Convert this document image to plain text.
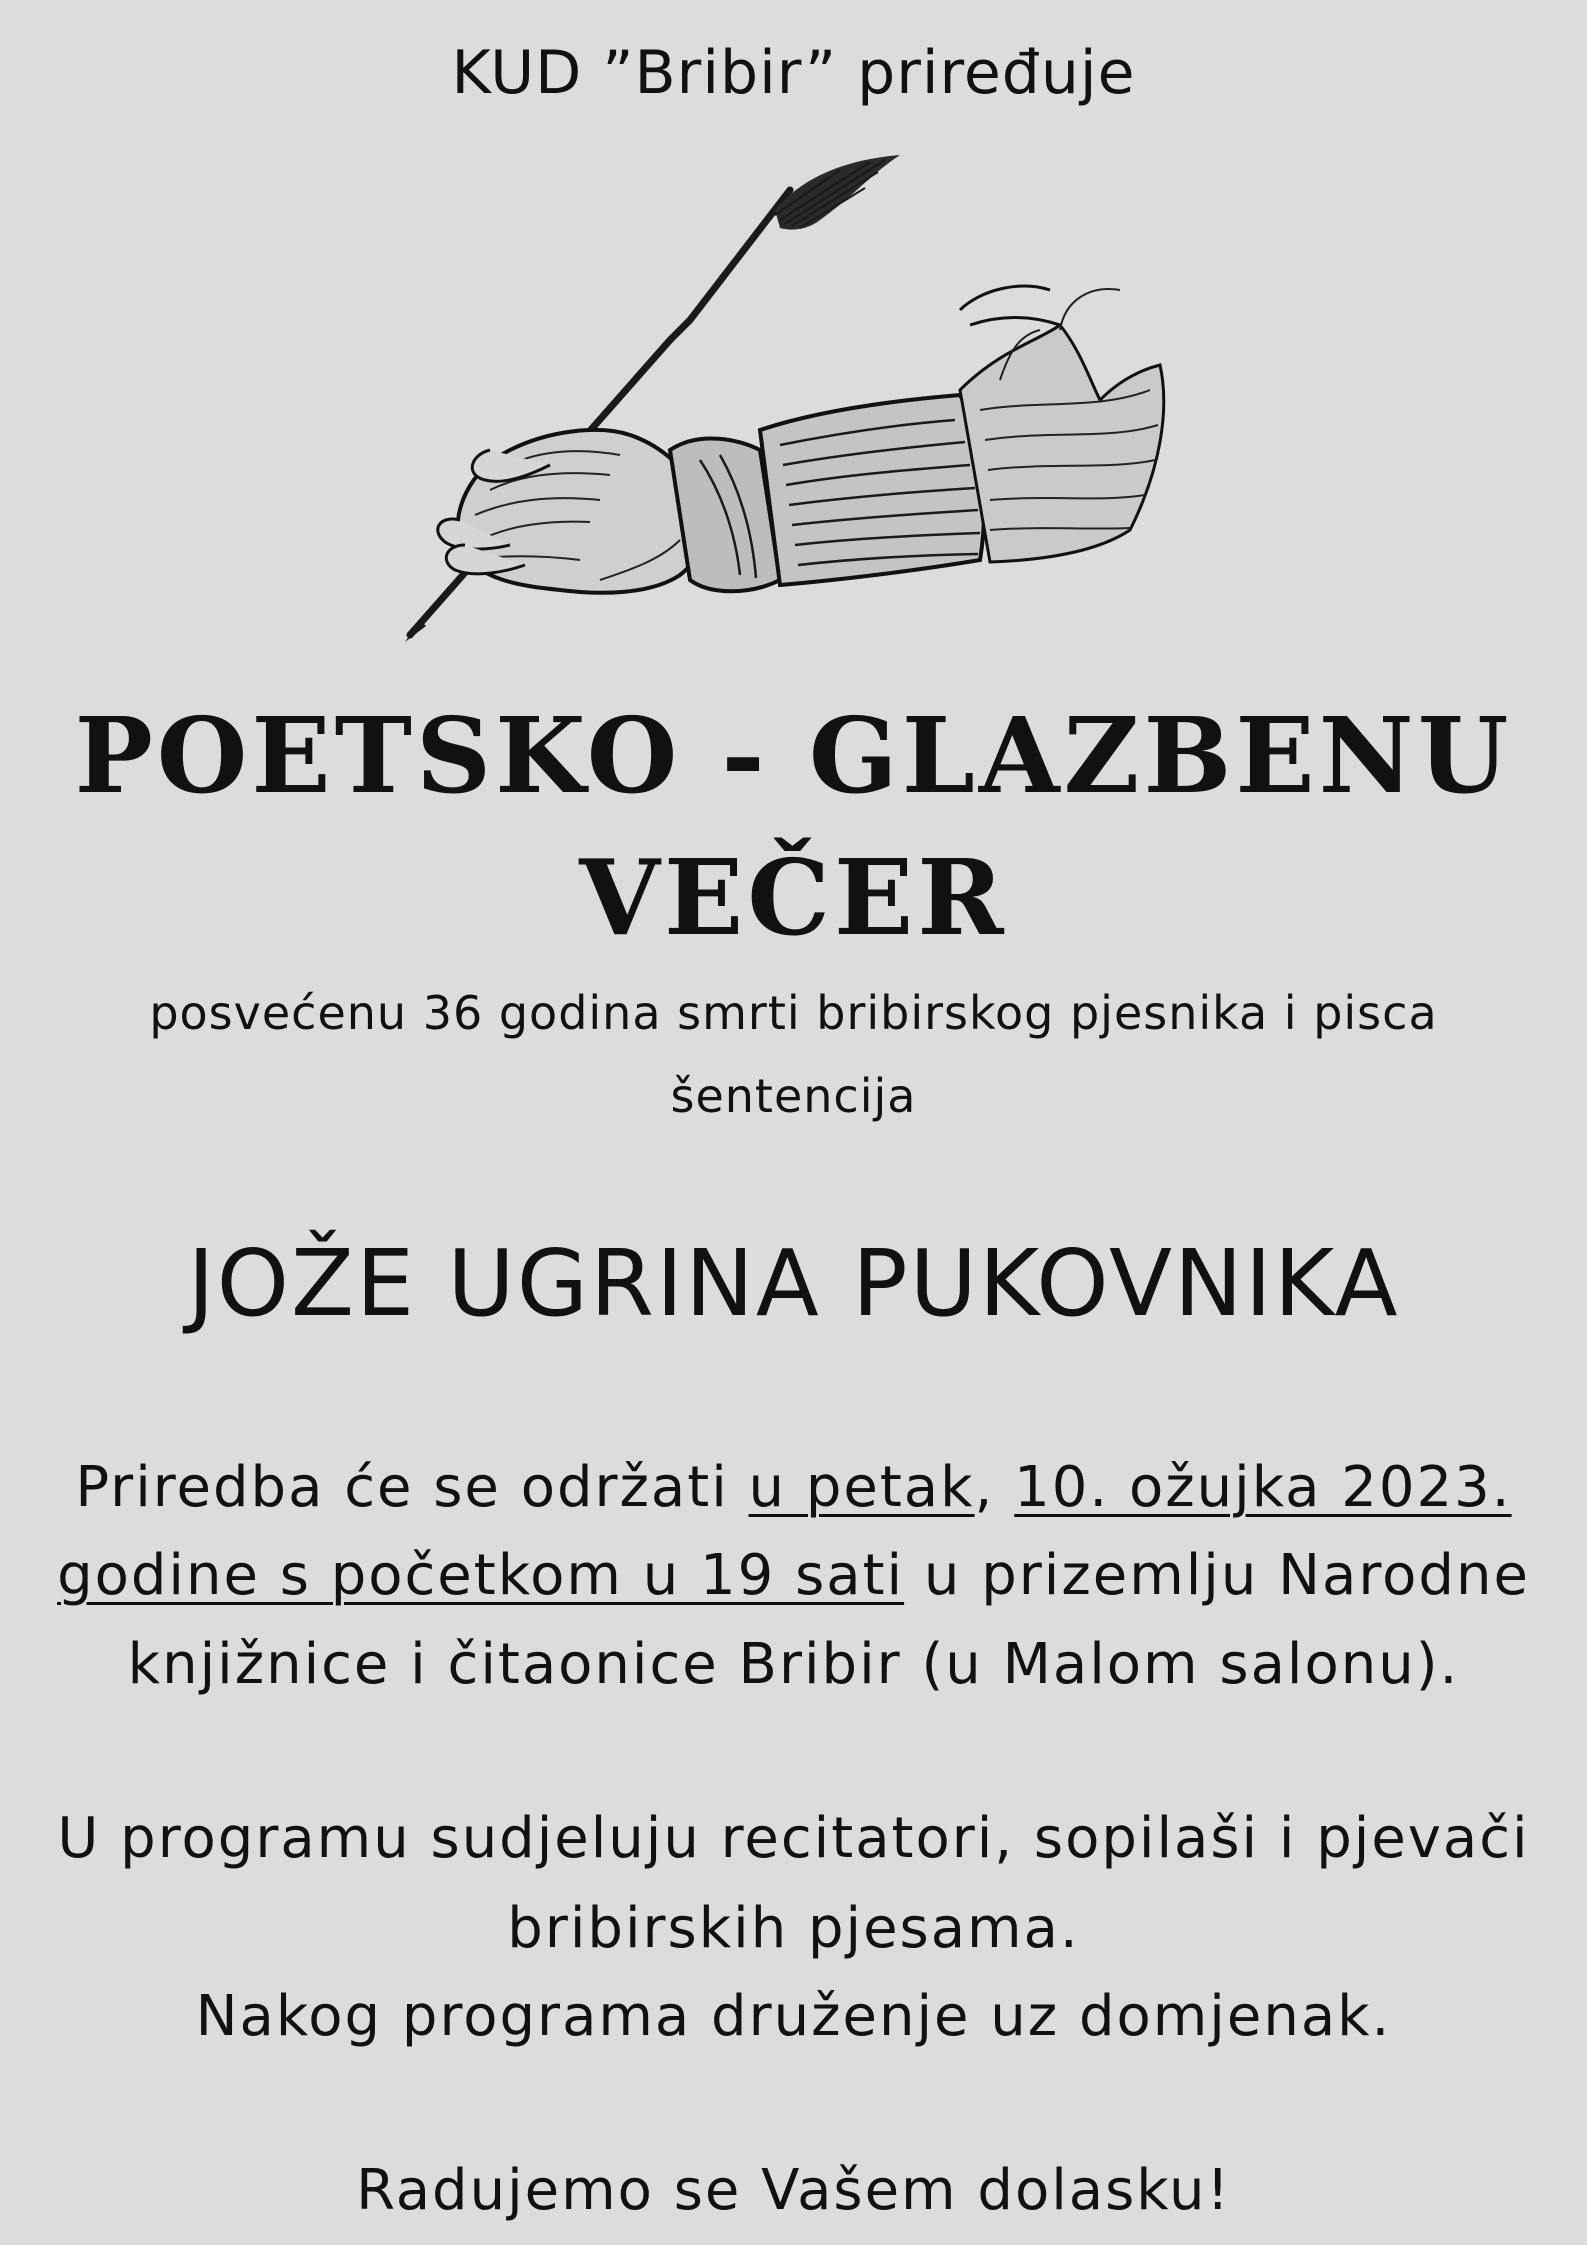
KUD ”Bribir” priređuje
POETSKO - GLAZBENU
VEČER
posvećenu 36 godina smrti bribirskog pjesnika i pisca
šentencija
JOŽE UGRINA PUKOVNIKA
Priredba će se održati u petak, 10. ožujka 2023.
godine s početkom u 19 sati u prizemlju Narodne
knjižnice i čitaonice Bribir (u Malom salonu).
U programu sudjeluju recitatori, sopilaši i pjevači
bribirskih pjesama.
Nakog programa druženje uz domjenak.
Radujemo se Vašem dolasku!
